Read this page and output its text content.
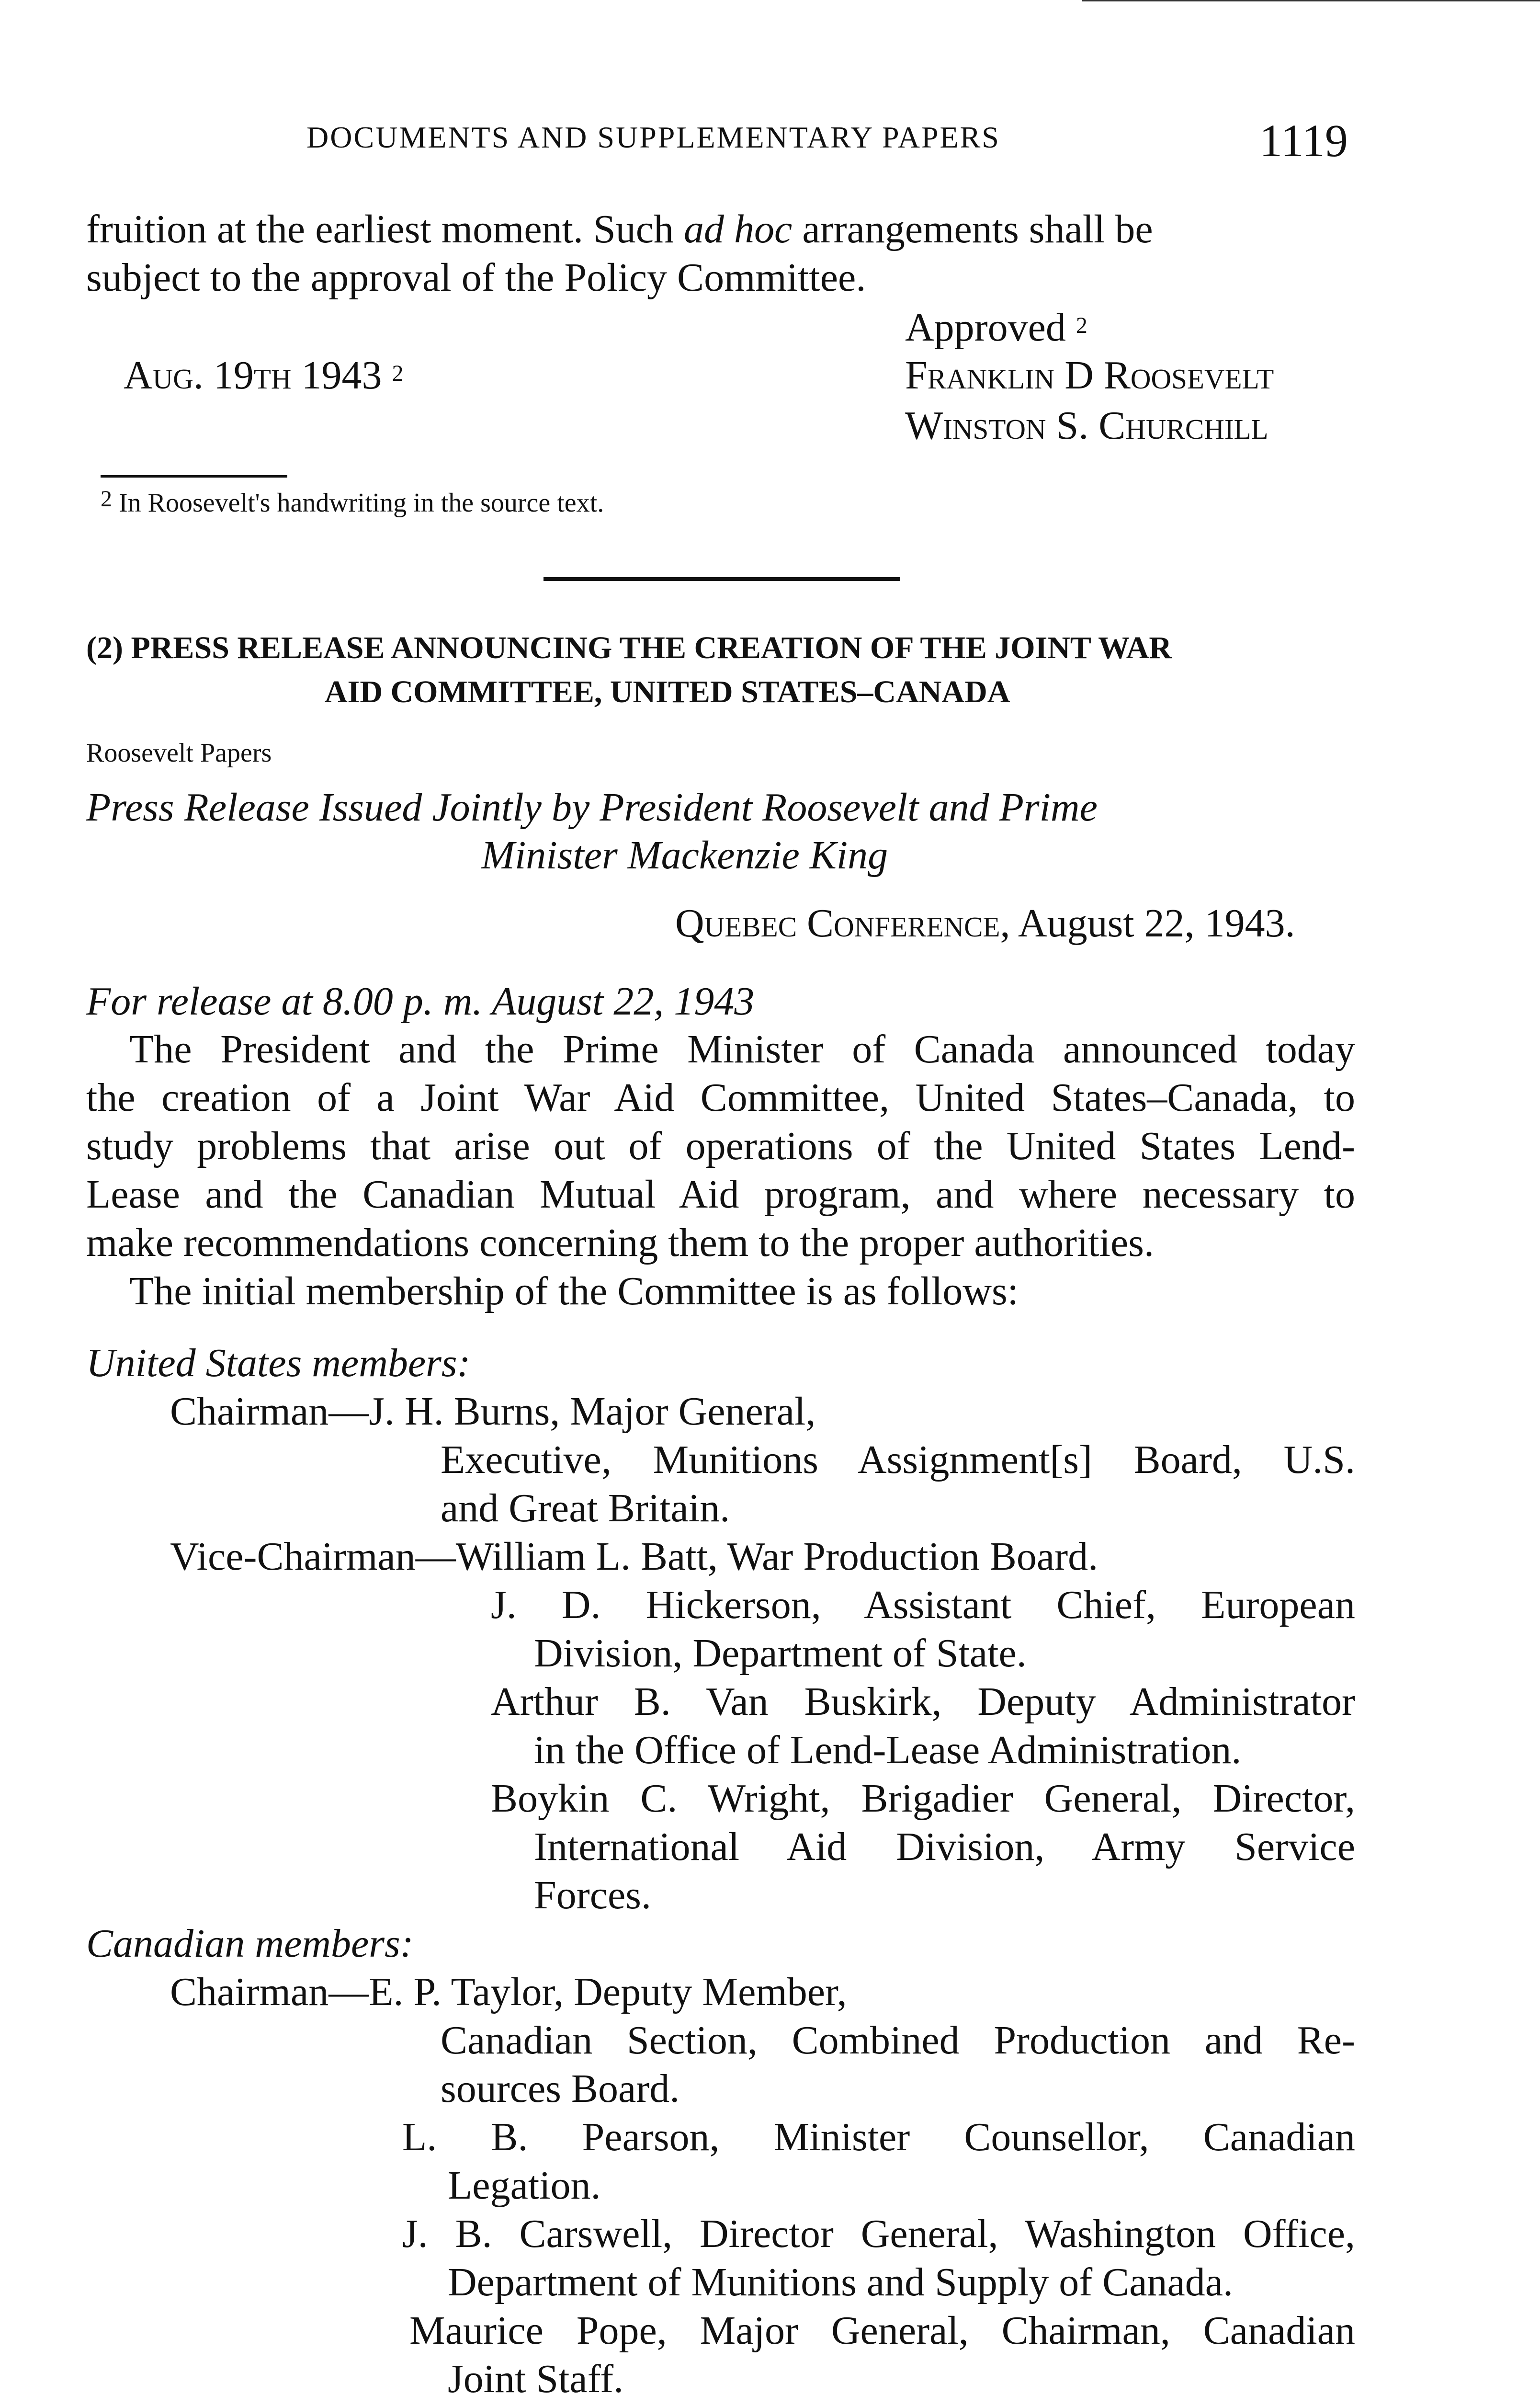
DOCUMENTS AND SUPPLEMENTARY PAPERS	1119
fruition at the earliest moment. Such ad hoc arrangements shall be
subject to the approval of the Policy Committee.
Approved $^2$
Aug. 19th 1943 $^2$	Franklin D Roosevelt
Winston S. Churchill
$^2$ In Roosevelt's handwriting in the source text.
(2) PRESS RELEASE ANNOUNCING THE CREATION OF THE JOINT WAR
AID COMMITTEE, UNITED STATES–CANADA
Roosevelt Papers
Press Release Issued Jointly by President Roosevelt and Prime
Minister Mackenzie King
Quebec Conference, August 22, 1943.
For release at 8.00 p. m. August 22, 1943
The President and the Prime Minister of Canada announced today
the creation of a Joint War Aid Committee, United States–Canada, to
study problems that arise out of operations of the United States Lend-
Lease and the Canadian Mutual Aid program, and where necessary to
make recommendations concerning them to the proper authorities.
The initial membership of the Committee is as follows:
United States members:
Chairman—J. H. Burns, Major General,
Executive, Munitions Assignment[s] Board, U.S.
and Great Britain.
Vice-Chairman—William L. Batt, War Production Board.
J. D. Hickerson, Assistant Chief, European
Division, Department of State.
Arthur B. Van Buskirk, Deputy Administrator
in the Office of Lend-Lease Administration.
Boykin C. Wright, Brigadier General, Director,
International Aid Division, Army Service
Forces.
Canadian members:
Chairman—E. P. Taylor, Deputy Member,
Canadian Section, Combined Production and Re-
sources Board.
L. B. Pearson, Minister Counsellor, Canadian
Legation.
J. B. Carswell, Director General, Washington Office,
Department of Munitions and Supply of Canada.
Maurice Pope, Major General, Chairman, Canadian
Joint Staff.
